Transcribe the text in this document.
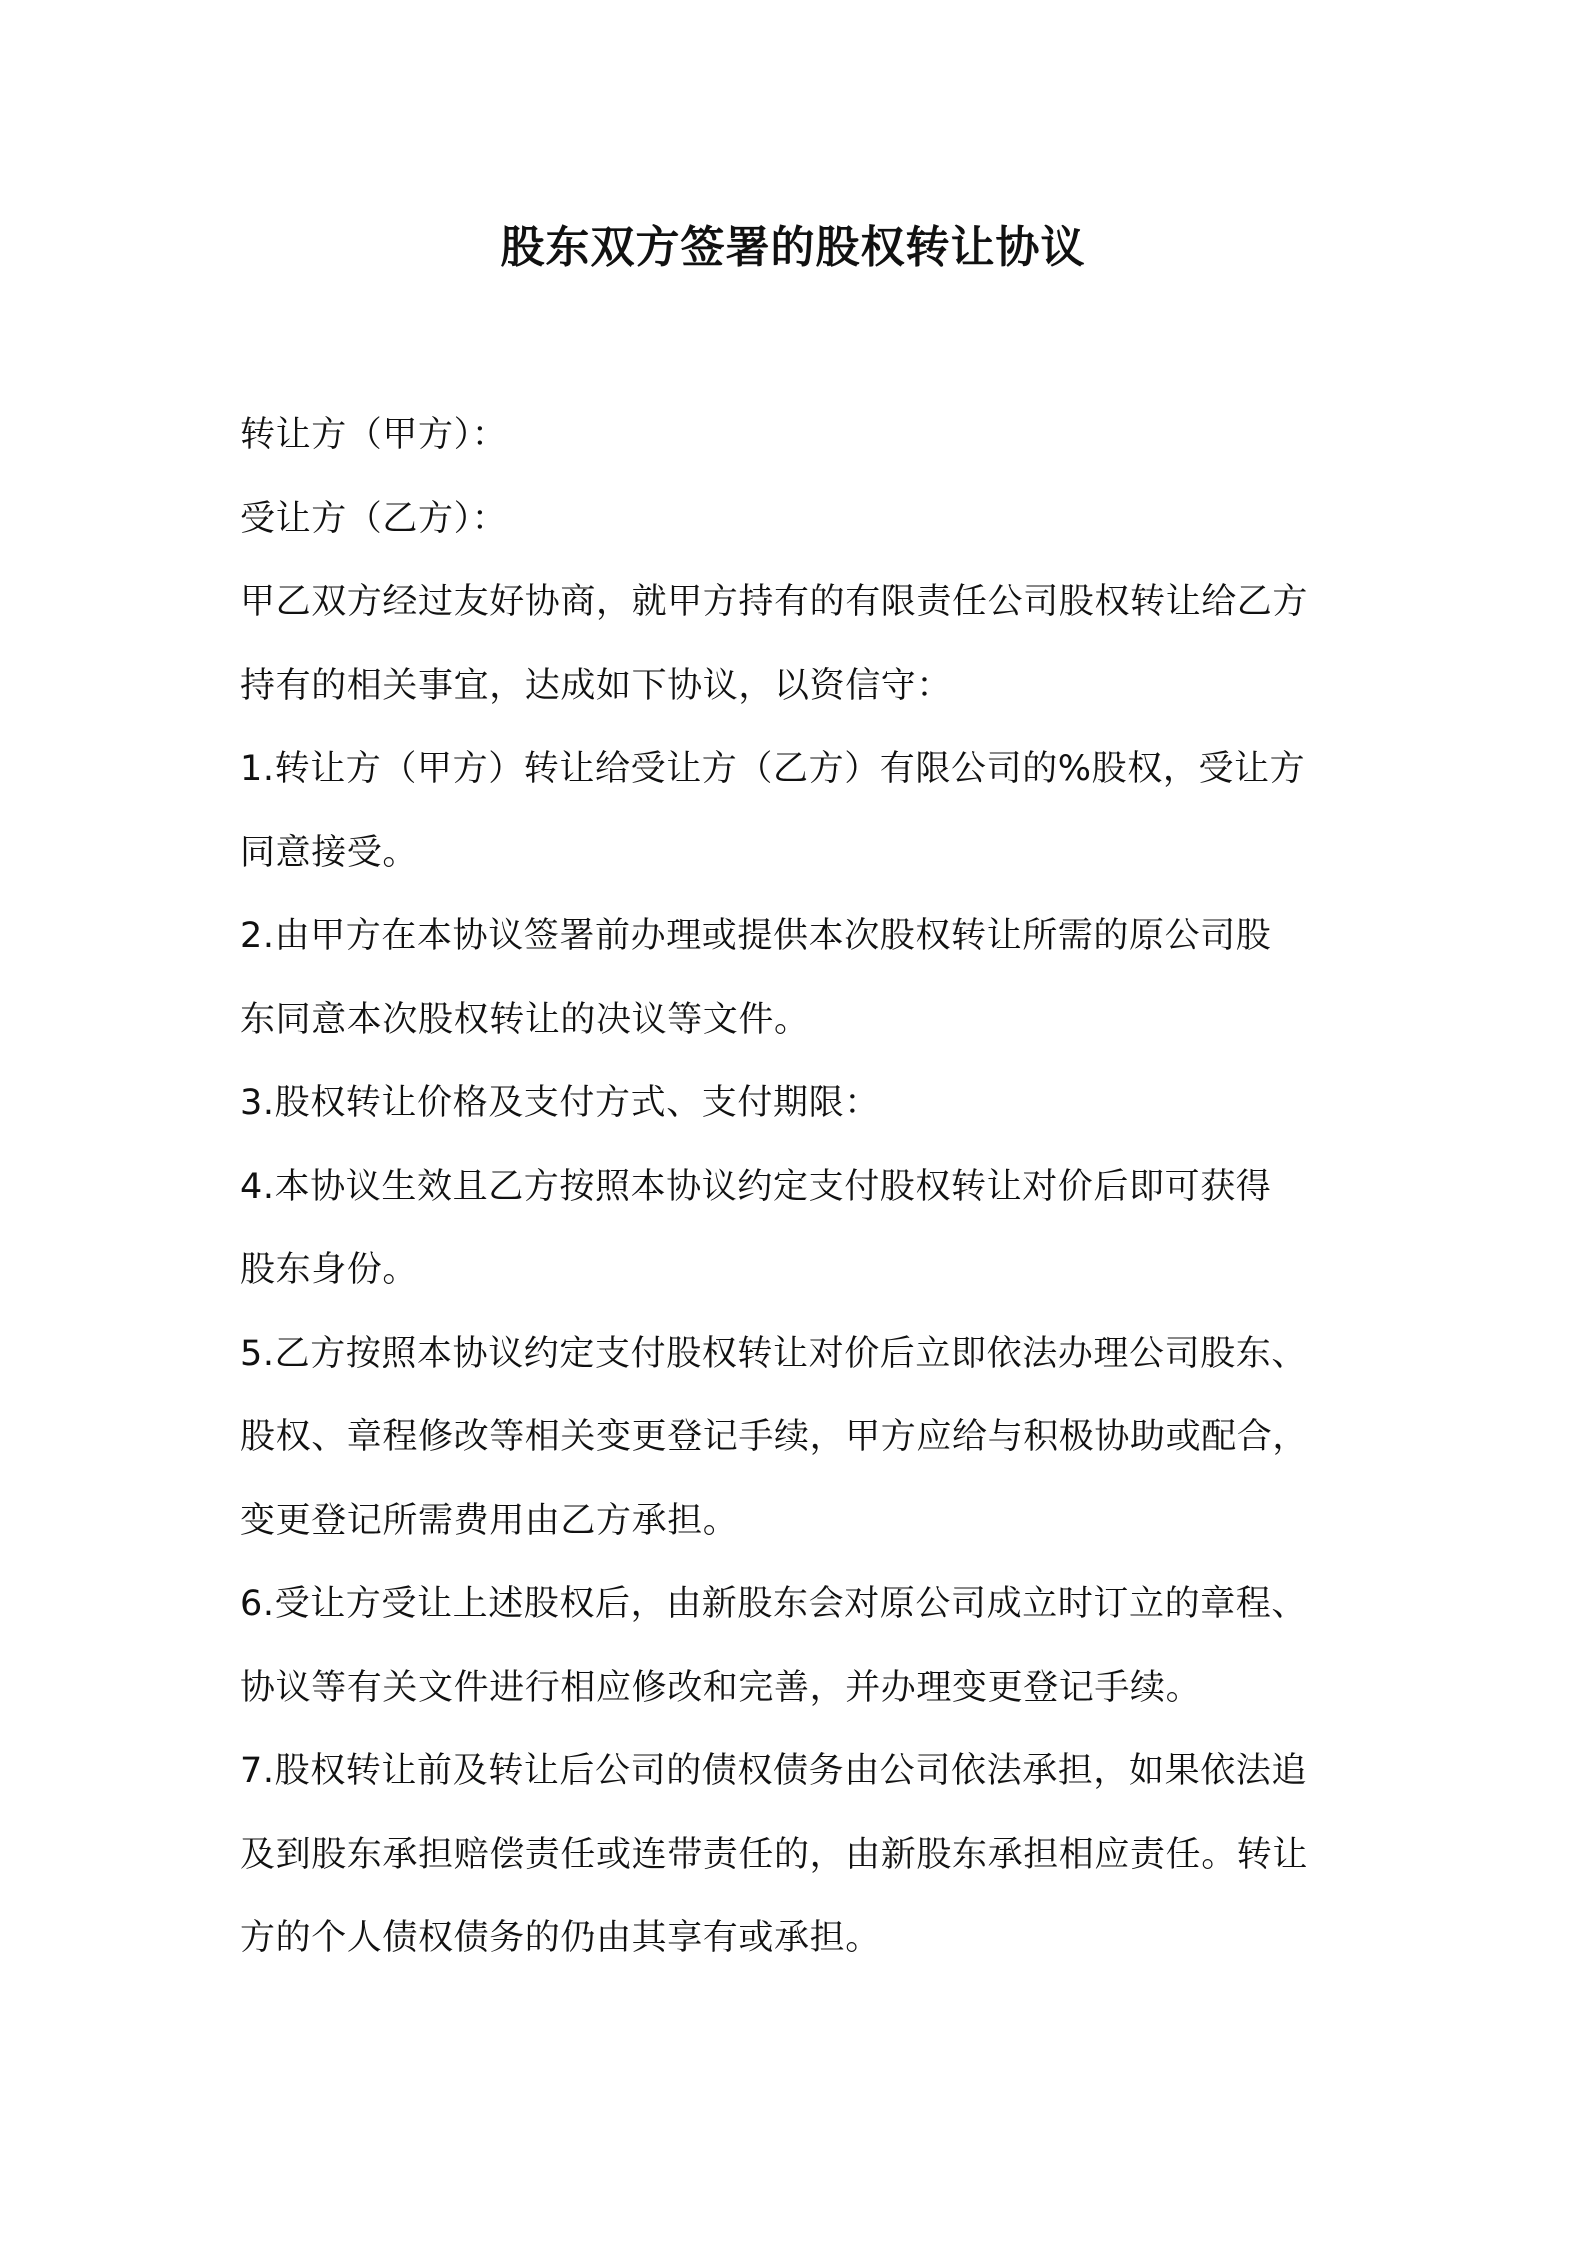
股东双方签署的股权转让协议
转让方（甲方）：
受让方（乙方）：
甲乙双方经过友好协商，就甲方持有的有限责任公司股权转让给乙方
持有的相关事宜，达成如下协议，以资信守：
1.转让方（甲方）转让给受让方（乙方）有限公司的%股权，受让方
同意接受。
2.由甲方在本协议签署前办理或提供本次股权转让所需的原公司股
东同意本次股权转让的决议等文件。
3.股权转让价格及支付方式、支付期限：
4.本协议生效且乙方按照本协议约定支付股权转让对价后即可获得
股东身份。
5.乙方按照本协议约定支付股权转让对价后立即依法办理公司股东、
股权、章程修改等相关变更登记手续，甲方应给与积极协助或配合，
变更登记所需费用由乙方承担。
6.受让方受让上述股权后，由新股东会对原公司成立时订立的章程、
协议等有关文件进行相应修改和完善，并办理变更登记手续。
7.股权转让前及转让后公司的债权债务由公司依法承担，如果依法追
及到股东承担赔偿责任或连带责任的，由新股东承担相应责任。转让
方的个人债权债务的仍由其享有或承担。
